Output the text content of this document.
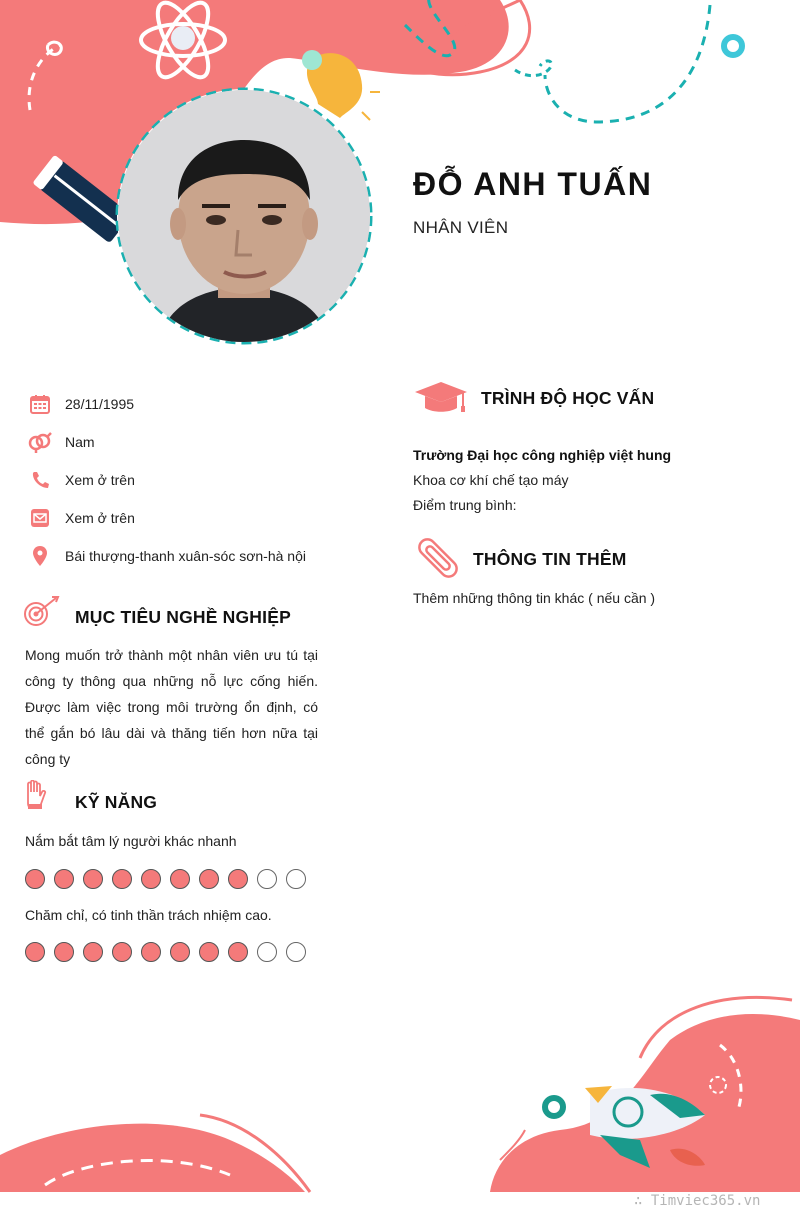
ĐỖ ANH TUẤN
NHÂN VIÊN
28/11/1995
Nam
Xem ở trên
Xem ở trên
Bái thượng-thanh xuân-sóc sơn-hà nội
MỤC TIÊU NGHỀ NGHIỆP
Mong muốn trở thành một nhân viên ưu tú tại công ty thông qua những nỗ lực cống hiến. Được làm việc trong môi trường ổn định, có thể gắn bó lâu dài và thăng tiến hơn nữa tại công ty
KỸ NĂNG
Nắm bắt tâm lý người khác nhanh
Chăm chỉ, có tinh thần trách nhiệm cao.
TRÌNH ĐỘ HỌC VẤN
Trường Đại học công nghiệp việt hung
Khoa cơ khí chế tạo máy
Điểm trung bình:
THÔNG TIN THÊM
Thêm những thông tin khác ( nếu cần )
∴ Timviec365.vn
